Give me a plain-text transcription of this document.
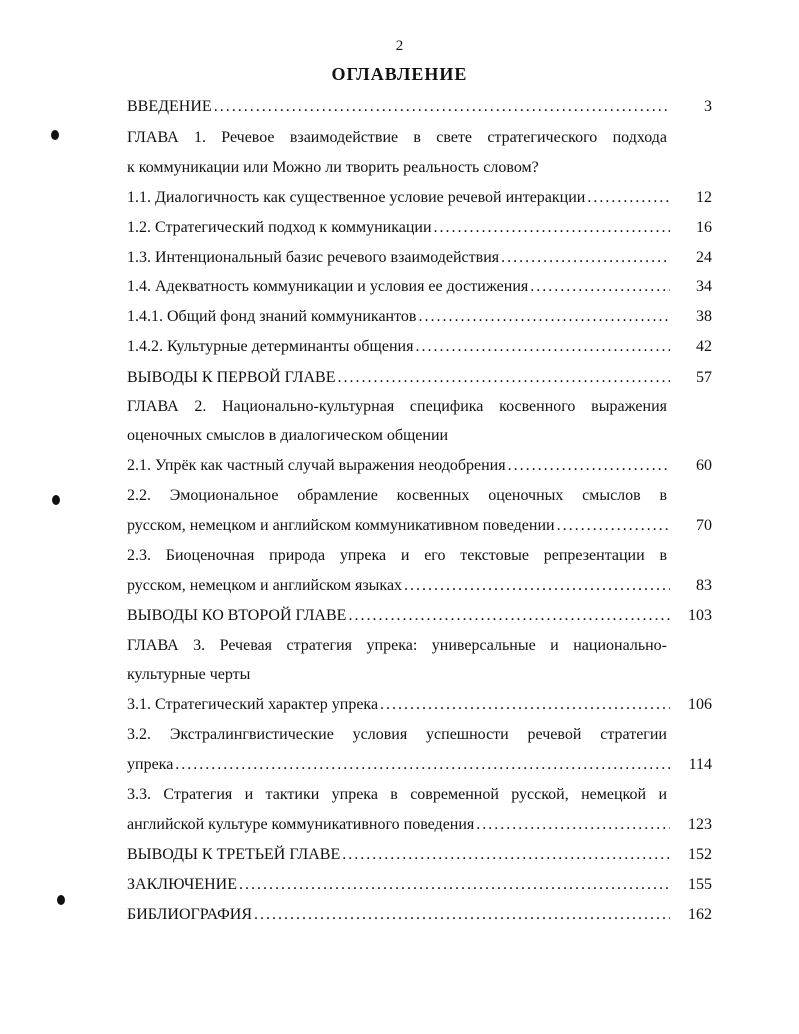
2
ОГЛАВЛЕНИЕ
ВВЕДЕНИЕ .....	3
ГЛАВА 1. Речевое взаимодействие в свете стратегического подхода
к коммуникации или Можно ли творить реальность словом?
1.1. Диалогичность как существенное условие речевой интеракции .....	12
1.2. Стратегический подход к коммуникации .....	16
1.3. Интенциональный базис речевого взаимодействия .....	24
1.4. Адекватность коммуникации и условия ее достижения .....	34
1.4.1. Общий фонд знаний коммуникантов .....	38
1.4.2. Культурные детерминанты общения .....	42
ВЫВОДЫ К ПЕРВОЙ ГЛАВЕ .....	57
ГЛАВА 2. Национально-культурная специфика косвенного выражения
оценочных смыслов в диалогическом общении
2.1. Упрёк как частный случай выражения неодобрения .....	60
2.2. Эмоциональное обрамление косвенных оценочных смыслов в
русском, немецком и английском коммуникативном поведении .....	70
2.3. Биоценочная природа упрека и его текстовые репрезентации в
русском, немецком и английском языках .....	83
ВЫВОДЫ КО ВТОРОЙ ГЛАВЕ .....	103
ГЛАВА 3. Речевая стратегия упрека: универсальные и национально-
культурные черты
3.1. Стратегический характер упрека .....	106
3.2. Экстралингвистические условия успешности речевой стратегии
упрека .....	114
3.3. Стратегия и тактики упрека в современной русской, немецкой и
английской культуре коммуникативного поведения .....	123
ВЫВОДЫ К ТРЕТЬЕЙ ГЛАВЕ .....	152
ЗАКЛЮЧЕНИЕ .....	155
БИБЛИОГРАФИЯ .....	162
